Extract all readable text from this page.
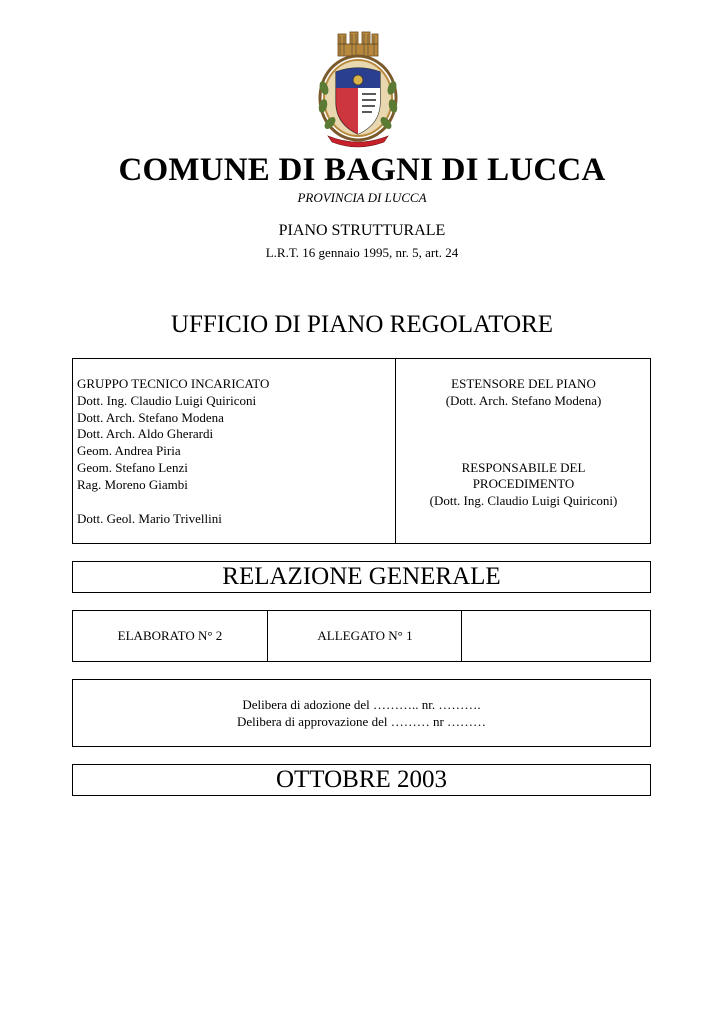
COMUNE DI BAGNI DI LUCCA
PROVINCIA DI LUCCA
PIANO STRUTTURALE
L.R.T. 16 gennaio 1995, nr. 5, art. 24
UFFICIO DI PIANO REGOLATORE
GRUPPO TECNICO INCARICATO
Dott. Ing. Claudio Luigi Quiriconi
Dott. Arch. Stefano Modena
Dott. Arch. Aldo Gherardi
Geom. Andrea Piria
Geom. Stefano Lenzi
Rag. Moreno Giambi
Dott. Geol. Mario Trivellini
ESTENSORE DEL PIANO
(Dott. Arch. Stefano Modena)
RESPONSABILE DEL
PROCEDIMENTO
(Dott. Ing. Claudio Luigi Quiriconi)
RELAZIONE GENERALE
ELABORATO N° 2	ALLEGATO N° 1
Delibera di adozione del ……….. nr. ……….
Delibera di approvazione del ……… nr ………
OTTOBRE 2003
